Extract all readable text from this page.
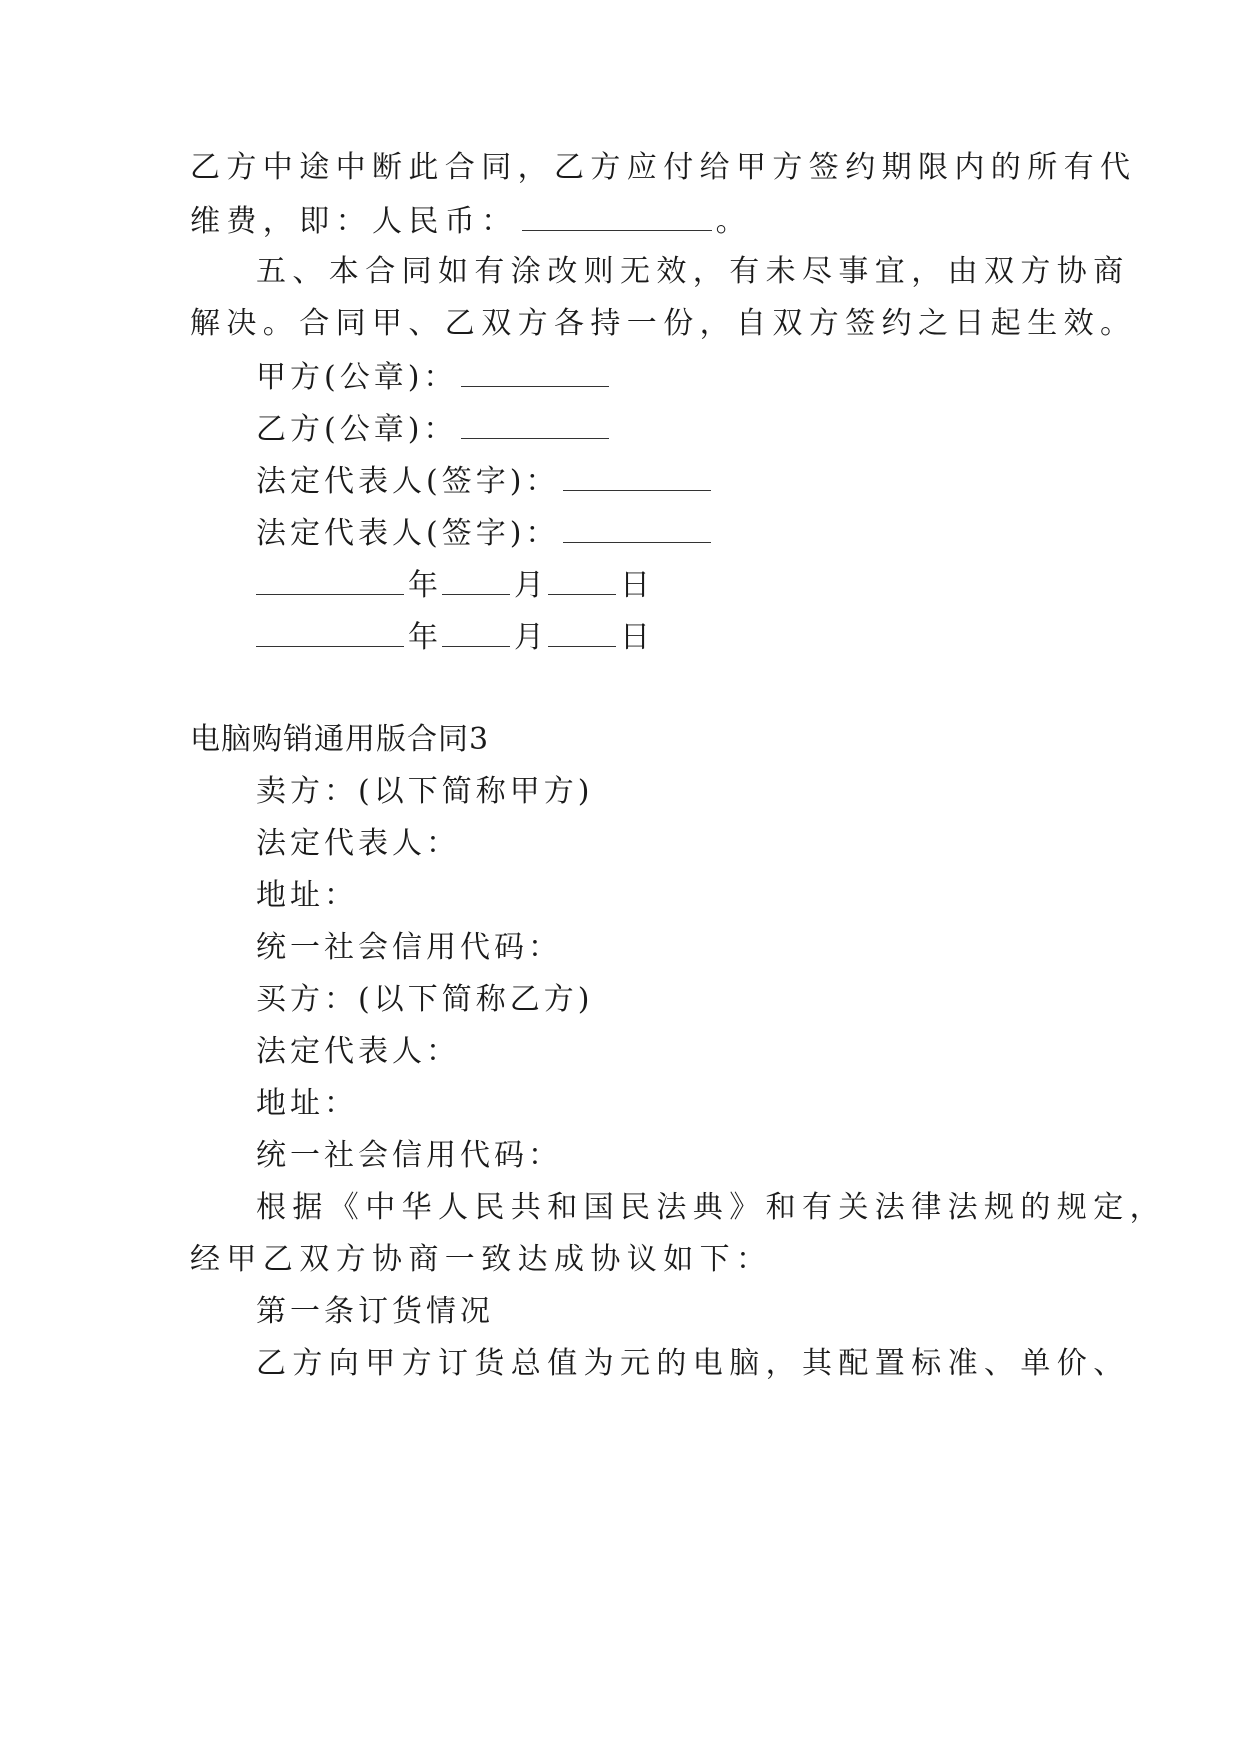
乙方中途中断此合同，乙方应付给甲方签约期限内的所有代
维费，即：人民币：	。
五、本合同如有涂改则无效，有未尽事宜，由双方协商
解决。合同甲、乙双方各持一份，自双方签约之日起生效。
甲方(公章)：
乙方(公章)：
法定代表人(签字)：
法定代表人(签字)：
年	月	日
年	月	日
电脑购销通用版合同3
卖方：(以下简称甲方)
法定代表人：
地址：
统一社会信用代码：
买方：(以下简称乙方)
法定代表人：
地址：
统一社会信用代码：
根据《中华人民共和国民法典》和有关法律法规的规定，
经甲乙双方协商一致达成协议如下：
第一条订货情况
乙方向甲方订货总值为元的电脑，其配置标准、单价、
